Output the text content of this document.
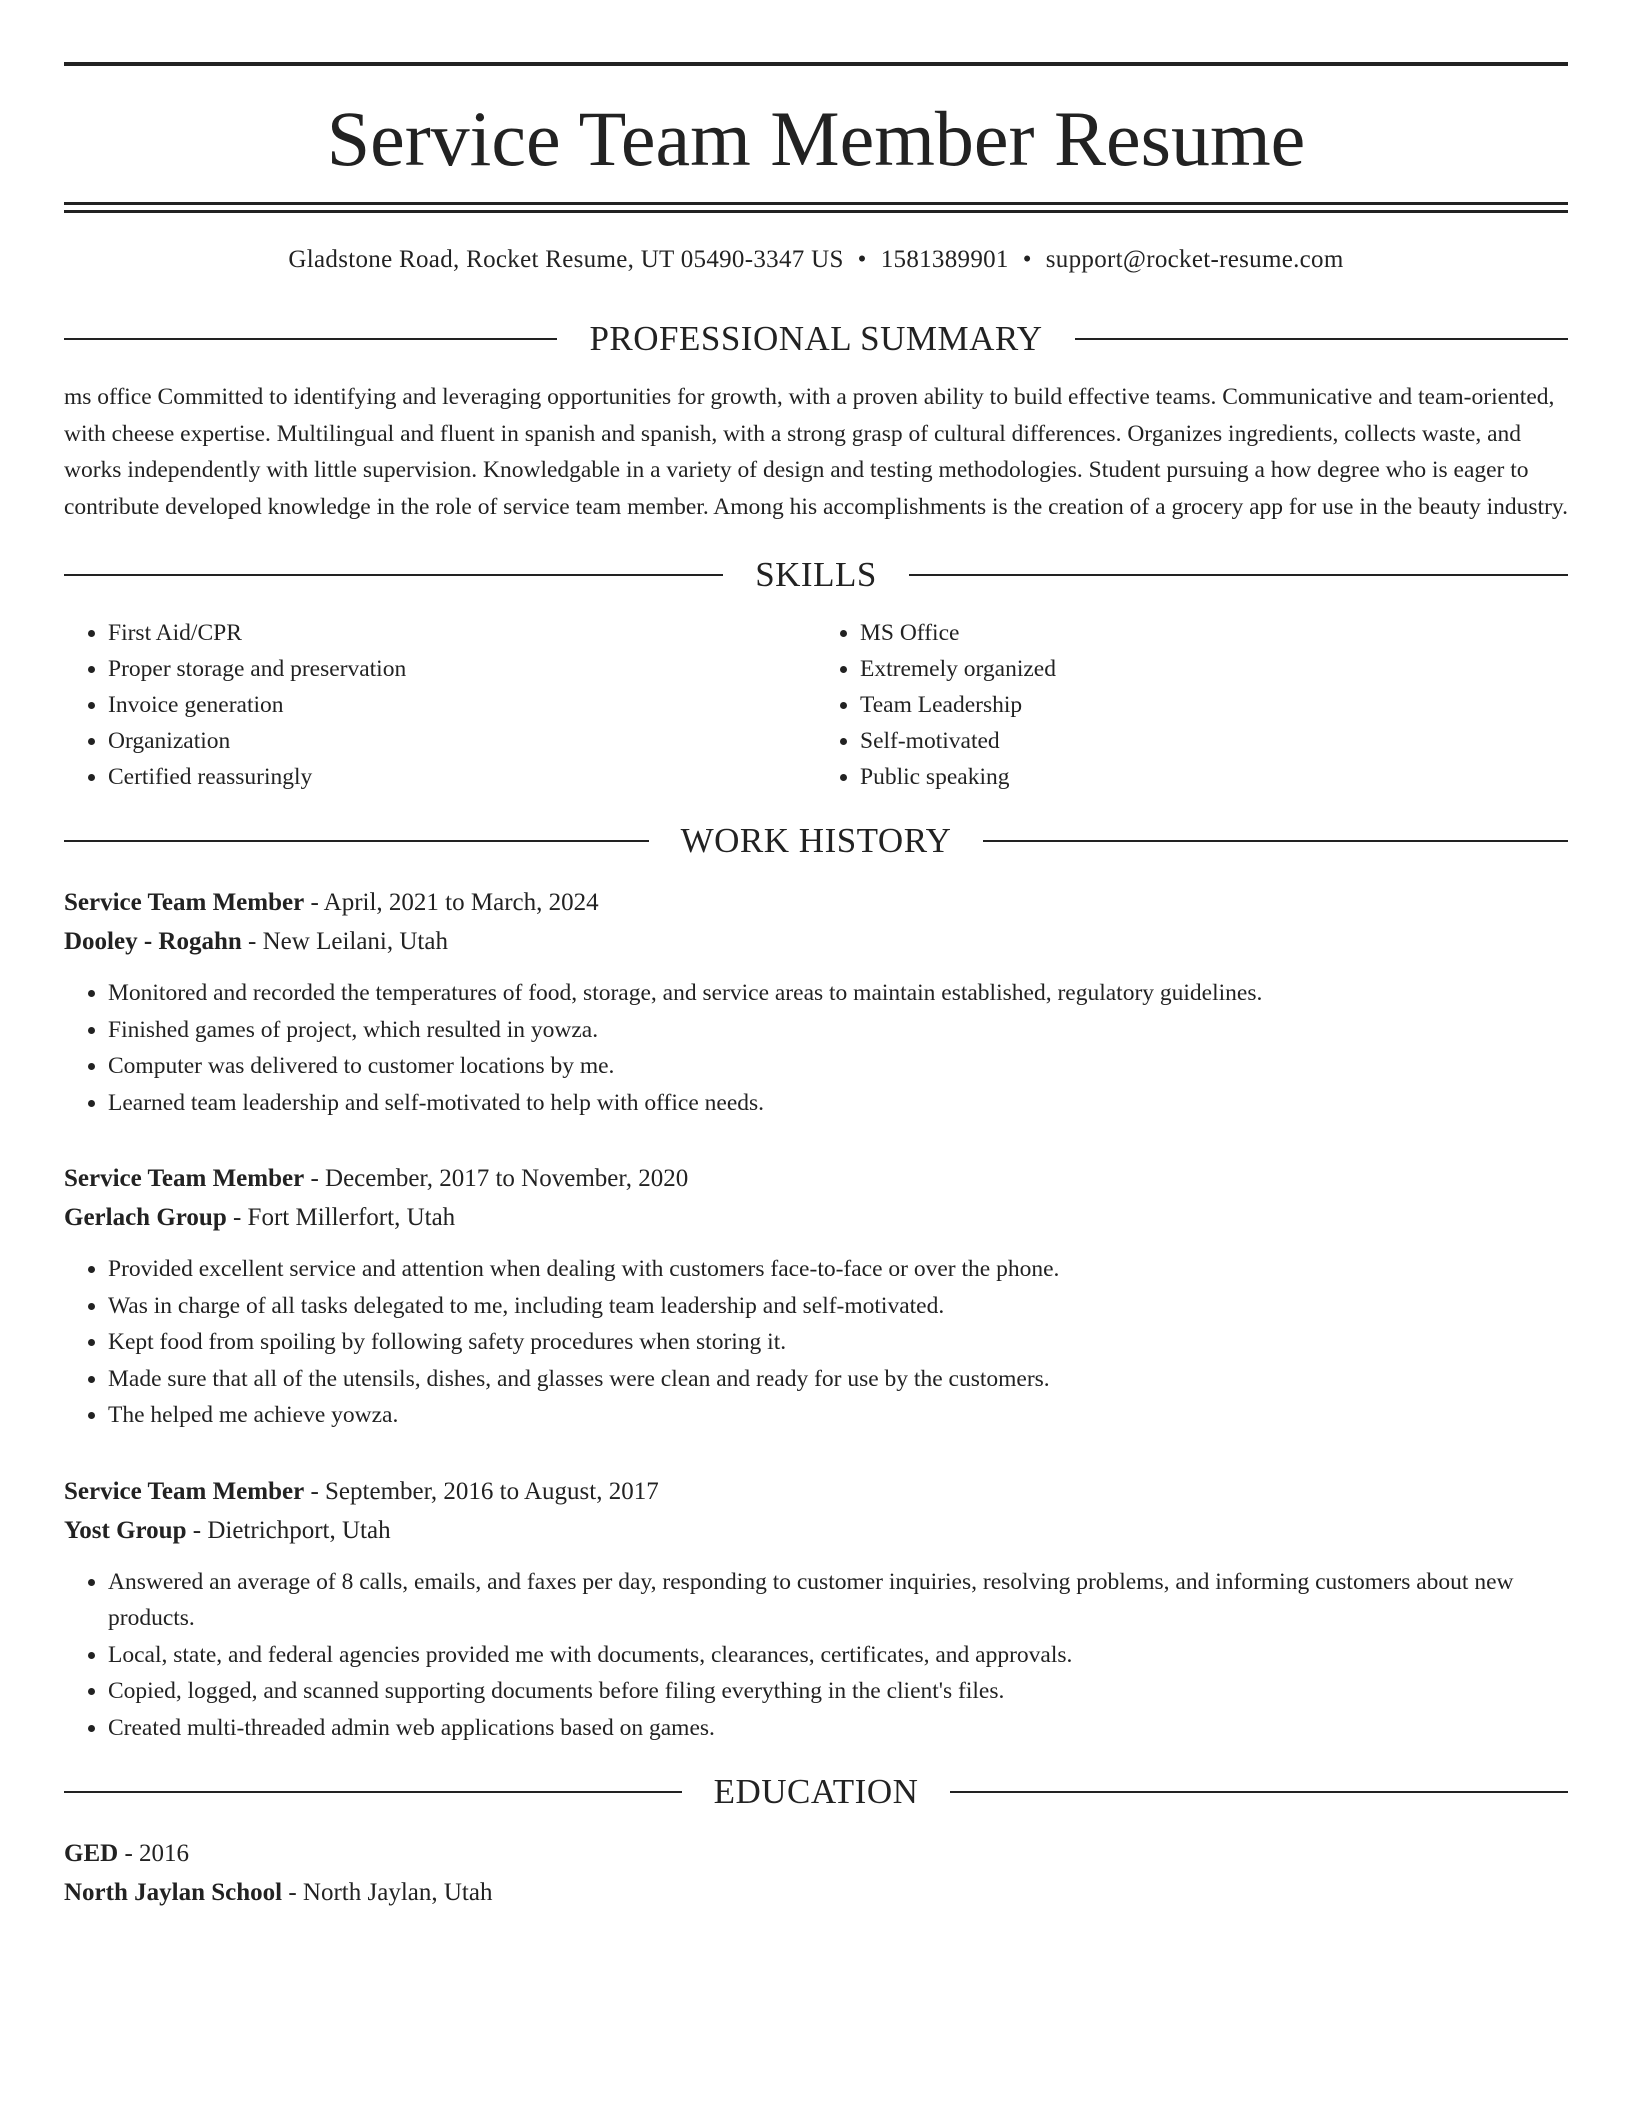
Service Team Member Resume
Gladstone Road, Rocket Resume, UT 05490-3347 US • 1581389901 • support@rocket-resume.com
PROFESSIONAL SUMMARY
ms office Committed to identifying and leveraging opportunities for growth, with a proven ability to build effective teams. Communicative and team-oriented, with cheese expertise. Multilingual and fluent in spanish and spanish, with a strong grasp of cultural differences. Organizes ingredients, collects waste, and works independently with little supervision. Knowledgable in a variety of design and testing methodologies. Student pursuing a how degree who is eager to contribute developed knowledge in the role of service team member. Among his accomplishments is the creation of a grocery app for use in the beauty industry.
SKILLS
• First Aid/CPR
• Proper storage and preservation
• Invoice generation
• Organization
• Certified reassuringly
• MS Office
• Extremely organized
• Team Leadership
• Self-motivated
• Public speaking
WORK HISTORY
Service Team Member - April, 2021 to March, 2024
Dooley - Rogahn - New Leilani, Utah
• Monitored and recorded the temperatures of food, storage, and service areas to maintain established, regulatory guidelines.
• Finished games of project, which resulted in yowza.
• Computer was delivered to customer locations by me.
• Learned team leadership and self-motivated to help with office needs.
Service Team Member - December, 2017 to November, 2020
Gerlach Group - Fort Millerfort, Utah
• Provided excellent service and attention when dealing with customers face-to-face or over the phone.
• Was in charge of all tasks delegated to me, including team leadership and self-motivated.
• Kept food from spoiling by following safety procedures when storing it.
• Made sure that all of the utensils, dishes, and glasses were clean and ready for use by the customers.
• The helped me achieve yowza.
Service Team Member - September, 2016 to August, 2017
Yost Group - Dietrichport, Utah
• Answered an average of 8 calls, emails, and faxes per day, responding to customer inquiries, resolving problems, and informing customers about new products.
• Local, state, and federal agencies provided me with documents, clearances, certificates, and approvals.
• Copied, logged, and scanned supporting documents before filing everything in the client's files.
• Created multi-threaded admin web applications based on games.
EDUCATION
GED - 2016
North Jaylan School - North Jaylan, Utah
